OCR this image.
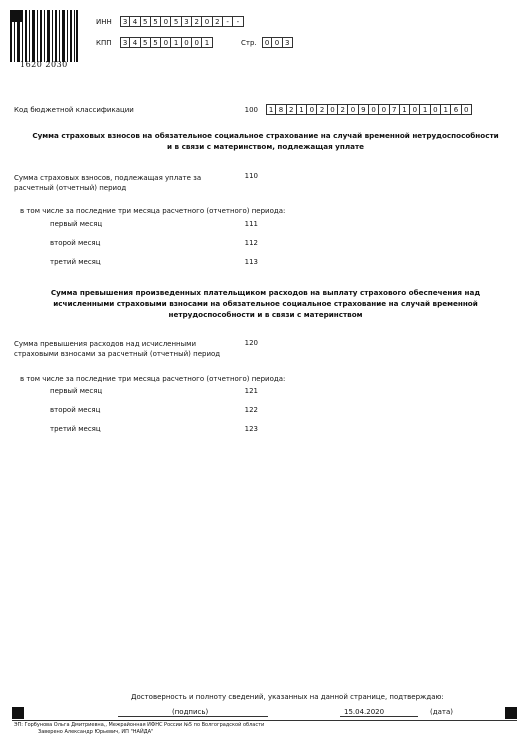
1620 2030
ИНН	3 4 5 5 0 5 3 2 0 2 -	-
КПП	3 4 5 5 0 1 0 0 1	Стр.	0 0 3
Код бюджетной классификации	100	1 8 2 1 0 2 0 2 0 9 0 0 7 1 0 1 0 1 6 0
Сумма страховых взносов на обязательное социальное страхование на случай временной нетрудоспособности
и в связи с материнством, подлежащая уплате
Сумма страховых взносов, подлежащая уплате за
расчетный (отчетный) период
110
в том числе за последние три месяца расчетного (отчетного) периода:
первый месяц	111
второй месяц	112
третий месяц	113
Сумма превышения произведенных плательщиком расходов на выплату страхового обеспечения над
исчисленными страховыми взносами на обязательное социальное страхование на случай временной
нетрудоспособности и в связи с материнством
Сумма превышения расходов над исчисленными
страховыми взносами за расчетный (отчетный) период
120
в том числе за последние три месяца расчетного (отчетного) периода:
первый месяц	121
второй месяц	122
третий месяц	123
Достоверность и полноту сведений, указанных на данной странице, подтверждаю:
(подпись)	15.04.2020	(дата)
ЭП: Горбунова Ольга Дмитриевна,, Межрайонная ИФНС России №5 по Волгоградской области
Заверено Александр Юрьевич, ИП "НАЙДА"
